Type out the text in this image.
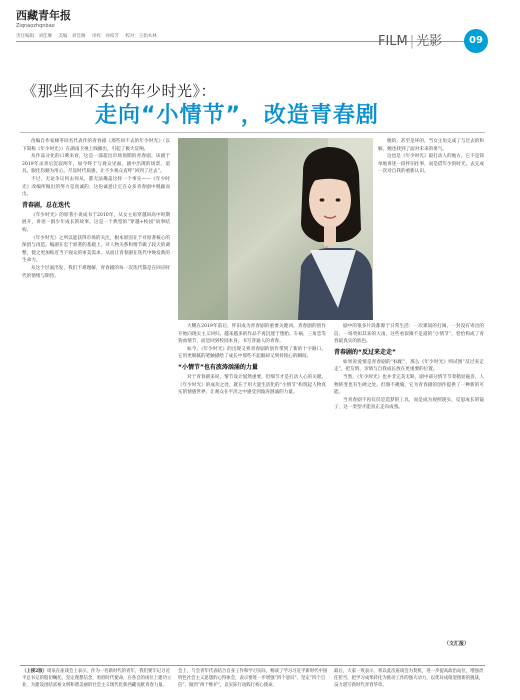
西藏青年报
Ziqnaozhqnbao
责任编辑：刘佳琳 美编：刘佳琳 审校：孙柏芳 校对：王娟木林	FILM | 光影	09
《那些回不去的年少时光》：
走向“小情节”，改造青春剧

改编自作家榛苓同名代表作的青春剧《那些回不去的年少时光》（以下简称《年少时光》）在湖南卫视上线播出，引起了极大反响。

从作品分化的口碑来看，这是一部超出市场预期的青春剧。该剧于2019年杀青后沉寂两年，如今终于与观众见面。剧中出现的场景、道具、服化均颇为用心，尽显时代质感，让不少观众直呼“回到了过去”。

不过，无论争议何去何从，都无法掩盖这样一个事实——《年少时光》改编所做出的努力是真诚的，这份诚意让它在众多青春剧中脱颖而出。

青春剧，总在迭代

《年少时光》的原著小说成书于2010年，从女主角穿越回高中时期展开，讲述一群少年成长的故事。这是一个典型的“穿越+校园”故事结构。

《年少时光》之所以能获得市场的关注，根本原因在于对原著核心的保留与再造。编剧在忠于原著的基础上，对人物关系和情节做了较大的调整，使之更加贴近当下观众的审美需求，从而让青春剧在迭代中焕发新的生命力。

从这个层面出发，我们不难理解，青春剧的每一次迭代都是在回应时代的情绪与期待。

脱的，甚至是坏的。当女主角完成了与过去的和解，她也找到了面对未来的勇气。

这也是《年少时光》最打动人的地方。它不是简单地讲述一段怀旧往事，而是借年少的时光，去完成一次对自我的重新认识。

大概在2019年前后，怀旧成为青春剧的重要关键词。青春剧的创作开始向现实主义回归，越来越多的作品不再沉迷于堕胎、车祸、三角恋等狗血情节，而是回到校园本身，书写普通人的青春。

如今，《年少时光》的出现又将青春剧的创作带到了新的十字路口。它用更细腻的笔触描绘了成长中那些不起眼却又刻骨铭心的瞬间。

“小情节”也有波涛汹涌的力量

对于青春剧来说，情节设计固然重要，但细节才是打动人心的关键。《年少时光》的成功之处，就在于用大量生活化的“小情节”构筑起人物真实的情感世界，让观众在平淡之中感受到波涛汹涌的力量。

剧中的很多片段都源于日常生活：一次课间的打闹、一封没有寄出的信、一场突如其来的大雨，这些看似微不足道的“小情节”，恰恰构成了青春最真实的底色。

青春剧的“反过来走走”

如果说爱情是青春剧的“标配”，那么《年少时光》则试图“反过来走走”，把友情、亲情与自我成长放在更重要的位置。

当然，《年少时光》也并非完美无缺，剧中部分情节节奏稍显拖沓，人物转变也有生硬之处。但瑕不掩瑜，它为青春剧的创作提供了一种新的可能。

当青春剧不再仅仅是造梦的工具，而是成为观照现实、反思成长的镜子，这一类型才能真正走向成熟。

（文汇报）

（上接2版）周泉在座谈会上表示，作为一名新时代的青年，我们要牢记习近平总书记的殷切嘱托，坚定理想信念，勇担时代使命，在各自的岗位上建功立业，为建设团结富裕文明和谐美丽的社会主义现代化新西藏贡献青春力量。

会上，与会青年代表结合自身工作和学习实际，畅谈了学习习近平新时代中国特色社会主义思想的心得体会，表示要进一步增强“四个意识”、坚定“四个自信”、做到“两个维护”，以实际行动践行初心使命。

最后，大家一致表示，将以此次座谈会为契机，进一步提高政治站位，增强责任担当，把学习成果转化为推动工作的强大动力，以优异成绩迎接新的挑战，奋力谱写新时代青春华章。
